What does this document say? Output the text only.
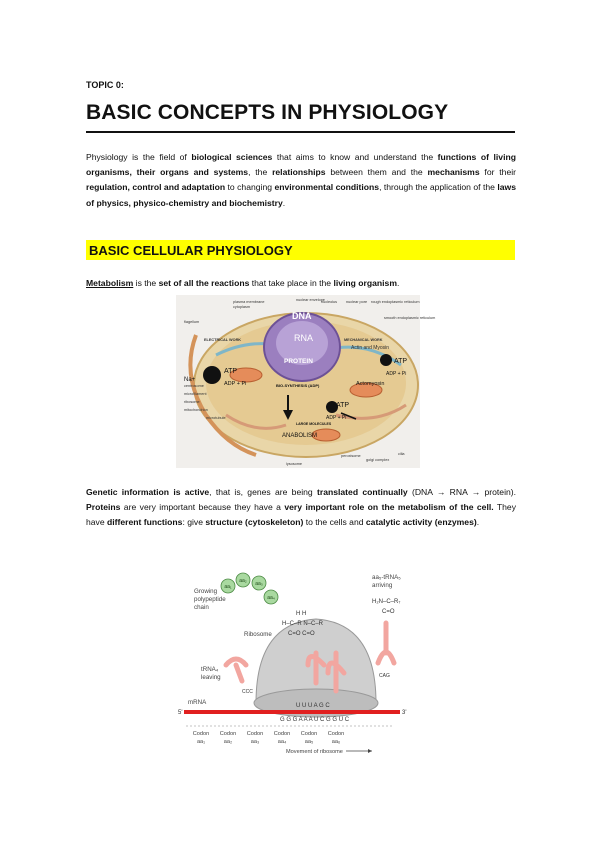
TOPIC 0:
BASIC CONCEPTS IN PHYSIOLOGY
Physiology is the field of biological sciences that aims to know and understand the functions of living organisms, their organs and systems, the relationships between them and the mechanisms for their regulation, control and adaptation to changing environmental conditions, through the application of the laws of physics, physico-chemistry and biochemistry.
BASIC CELLULAR PHYSIOLOGY
Metabolism is the set of all the reactions that take place in the living organism.
plasma membrane
cytoplasm
nuclear envelope
nucleolus nuclear pore rough endoplasmic reticulum
smooth endoplasmic reticulum
flagellum
ELECTRICAL WORK	MECHANICAL WORK
Actin and Myosin
DNA
RNA
PROTEIN
ATP
ADP + Pi
ATP
ADP + Pi
Actomyosin
BIO-SYNTHESIS (ADP)
ATP
ADP + Pi
ANABOLISM
centrosome
microfilament
ribosome
mitochondrion
microtubule
lysosome
peroxisome
golgi complex
cilia
Na+
LARGE MOLECULES
Genetic information is active, that is, genes are being translated continually (DNA → RNA → protein). Proteins are very important because they have a very important role on the metabolism of the cell. They have different functions: give structure (cytoskeleton) to the cells and catalytic activity (enzymes).
aa₁
aa₂ aa₃
aa₄
Growing
polypeptide
chain
aa₅-tRNA₅
arriving
Ribosome
tRNA₄
leaving
mRNA
H H
H–C–R N–C–R
C=O C=O
H₂N–C–R₇
C=O
CCC
CAG
5'	3'
U U U A G C
G G G A A A U C G G U C
Codon Codon Codon Codon Codon Codon
aa₁	aa₂	aa₃	aa₄	aa₅	aa₆
Movement of ribosome
